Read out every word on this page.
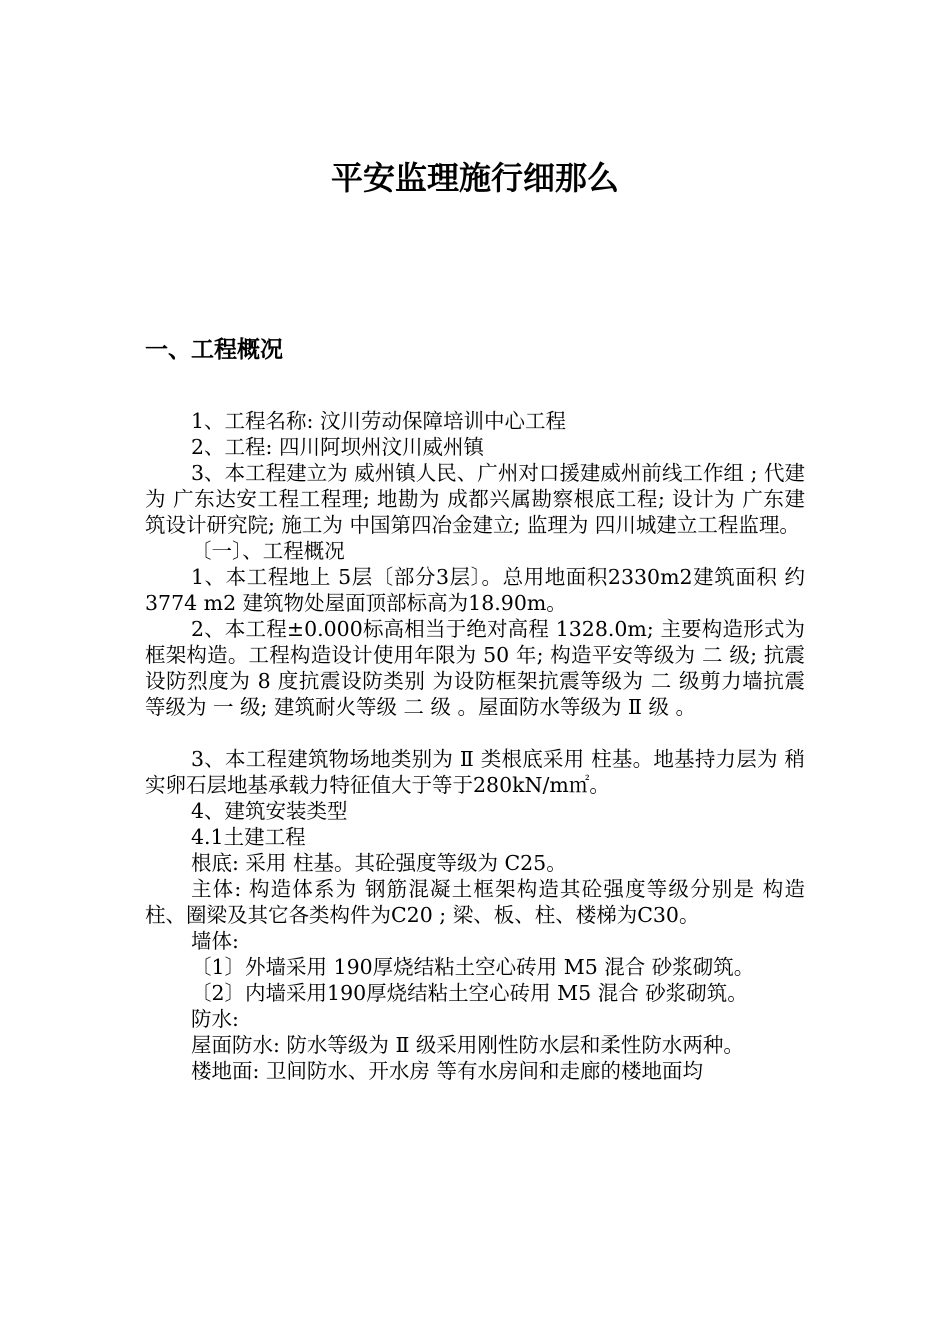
平安监理施行细那么
一、工程概况

1、工程名称: 汶川劳动保障培训中心工程

2、工程: 四川阿坝州汶川威州镇

3、本工程建立为 威州镇人民、广州对口援建威州前线工作组 ; 代建为 广东达安工程工程理; 地勘为 成都兴属勘察根底工程; 设计为 广东建筑设计研究院; 施工为 中国第四冶金建立; 监理为 四川城建立工程监理。

〔一〕、工程概况

1、本工程地上 5层〔部分3层〕。总用地面积2330m2建筑面积 约3774 m2 建筑物处屋面顶部标高为18.90m。

2、本工程±0.000标高相当于绝对高程 1328.0m; 主要构造形式为框架构造。工程构造设计使用年限为 50 年; 构造平安等级为 二 级; 抗震设防烈度为 8 度抗震设防类别 为设防框架抗震等级为 二 级剪力墙抗震等级为 一 级; 建筑耐火等级 二 级 。屋面防水等级为 Ⅱ 级 。

3、本工程建筑物场地类别为 Ⅱ 类根底采用 柱基。地基持力层为 稍实卵石层地基承载力特征值大于等于280kN/m㎡。

4、建筑安装类型

4.1土建工程

根底: 采用 柱基。其砼强度等级为 C25。

主体: 构造体系为 钢筋混凝土框架构造其砼强度等级分别是 构造柱、圈梁及其它各类构件为C20 ; 梁、板、柱、楼梯为C30。

墙体:

〔1〕外墙采用 190厚烧结粘土空心砖用 M5 混合 砂浆砌筑。

〔2〕内墙采用190厚烧结粘土空心砖用 M5 混合 砂浆砌筑。

防水:

屋面防水: 防水等级为 Ⅱ 级采用刚性防水层和柔性防水两种。

楼地面: 卫间防水、开水房 等有水房间和走廊的楼地面均
